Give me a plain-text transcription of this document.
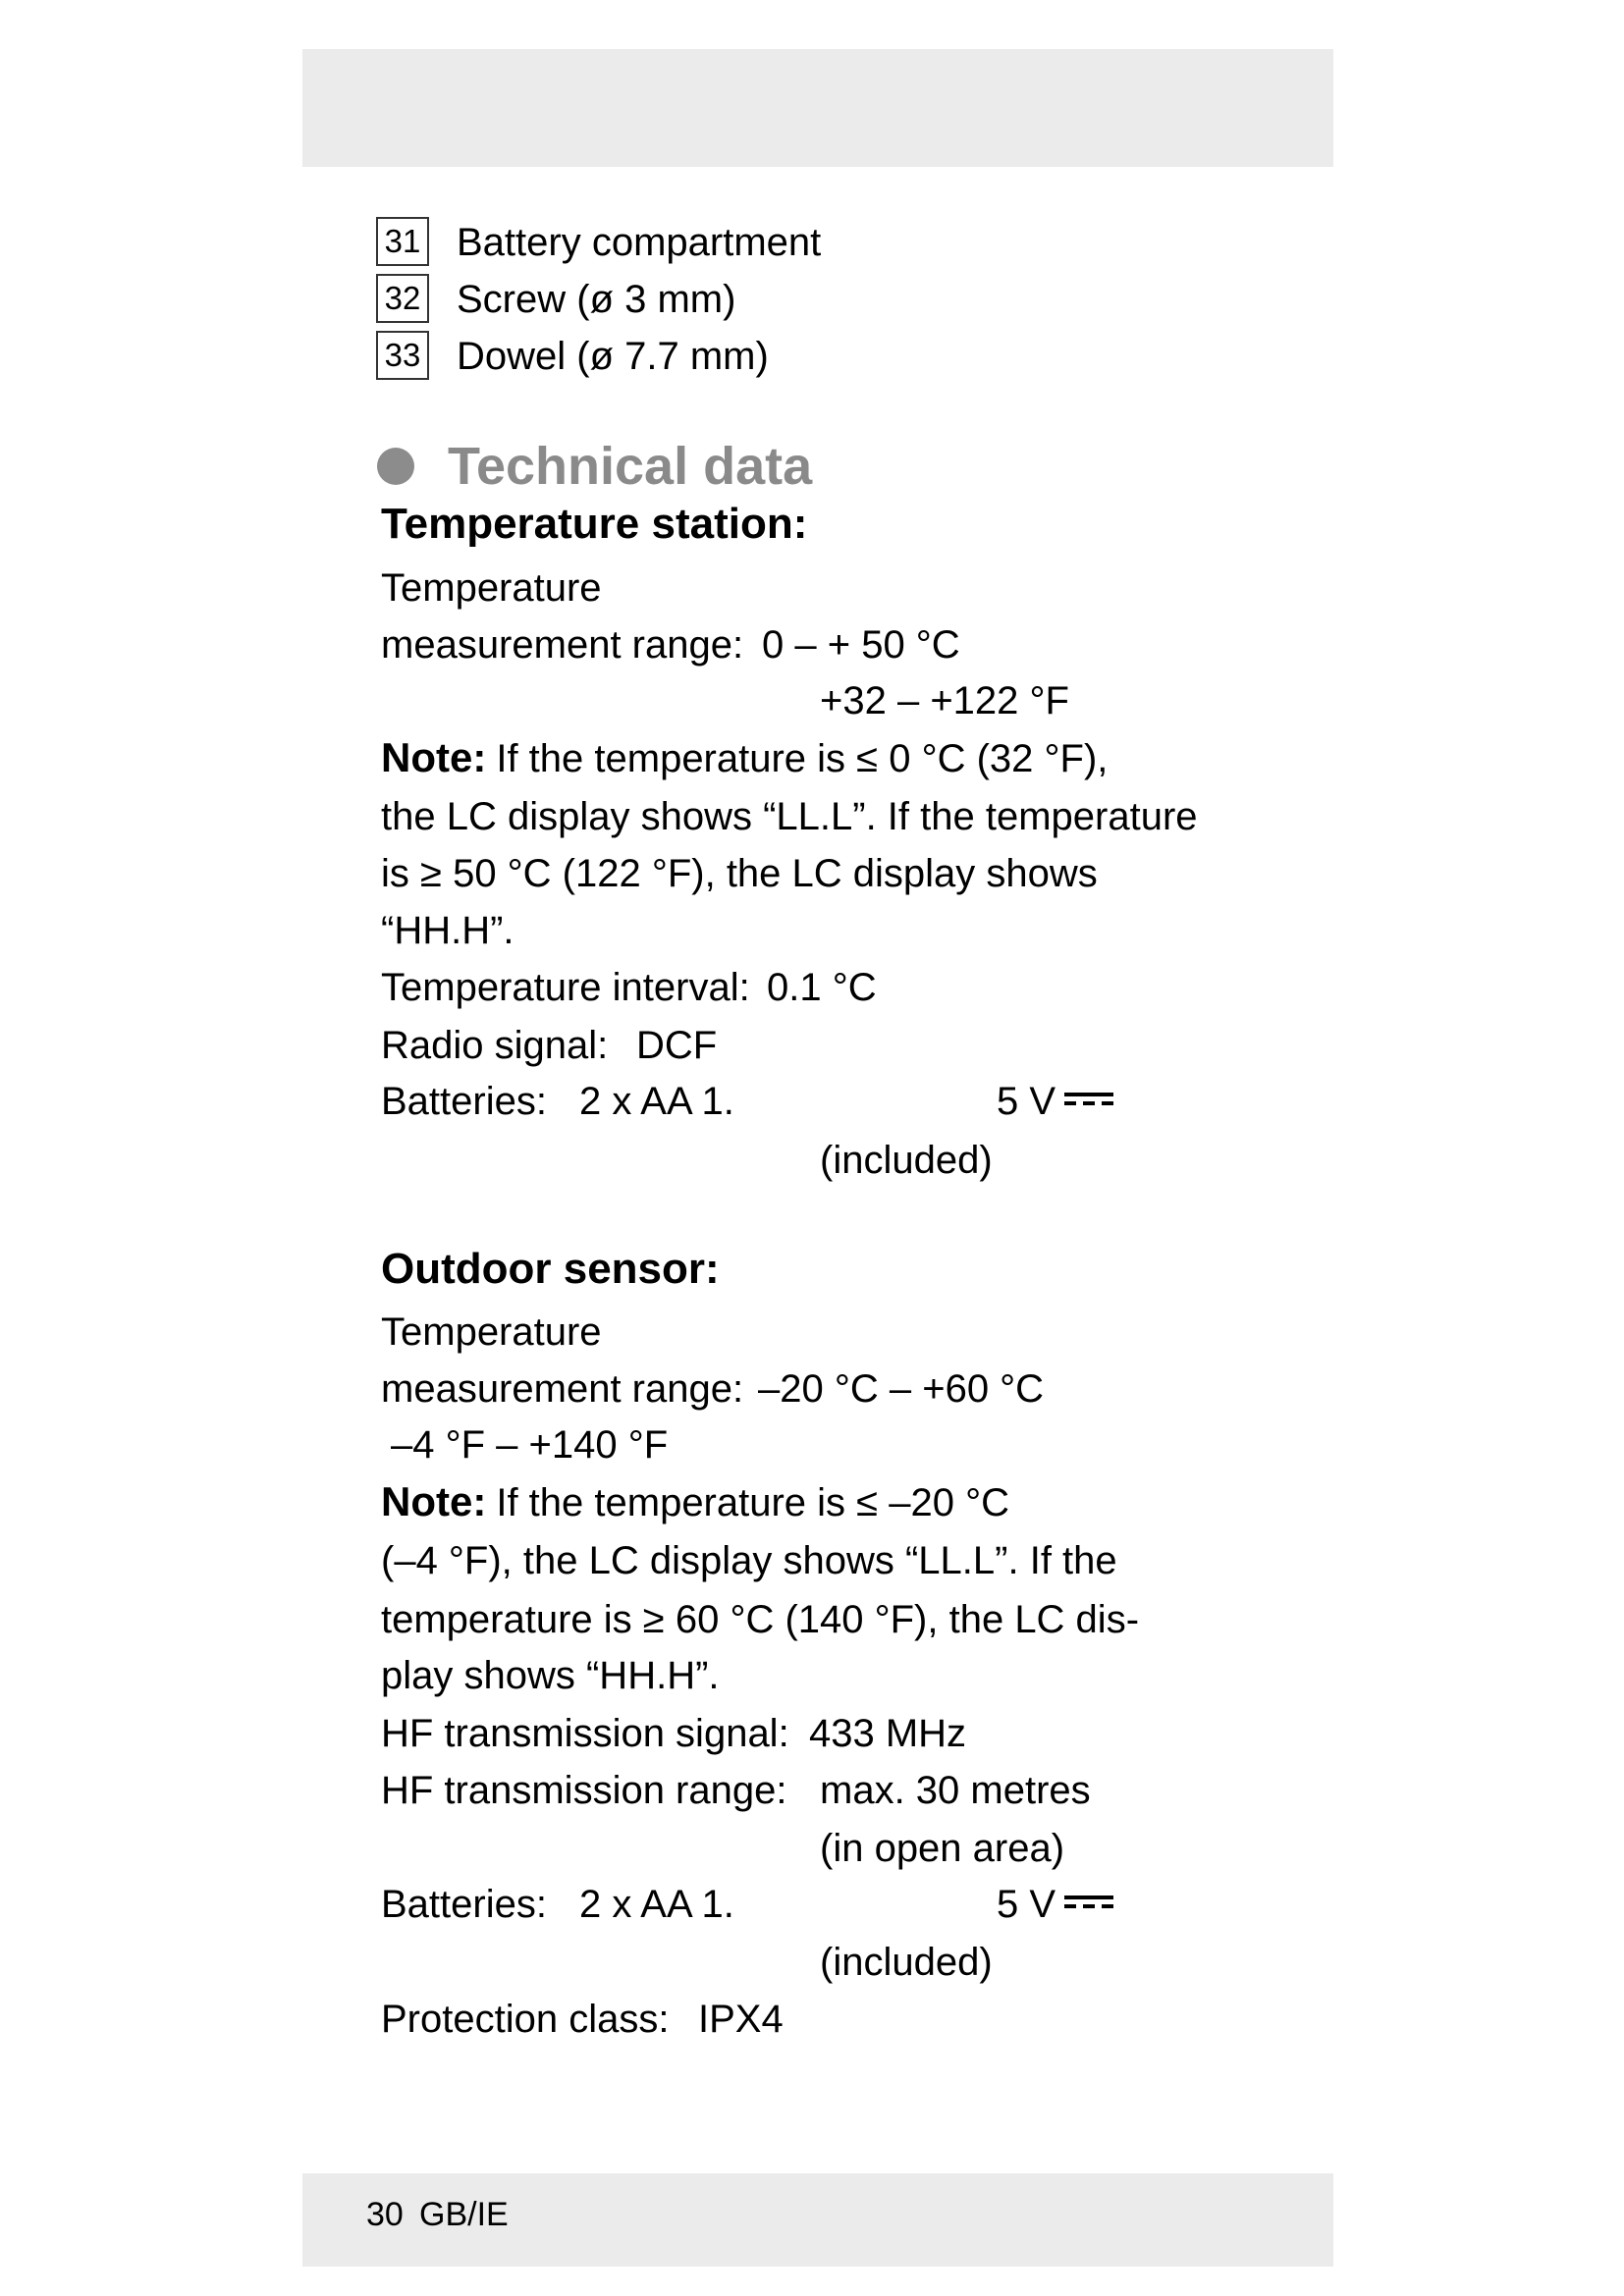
31 Battery compartment
32 Screw (ø 3 mm)
33 Dowel (ø 7.7 mm)
Technical data
Temperature station:
Temperature
measurement range: 0 – + 50 °C
+32 – +122 °F
Note: If the temperature is ≤ 0 °C (32 °F),
the LC display shows “LL.L”. If the temperature
is ≥ 50 °C (122 °F), the LC display shows
“HH.H”.
Temperature interval: 0.1 °C
Radio signal: DCF
Batteries: 2 x AA 1.	5 V
(included)
Outdoor sensor:
Temperature
measurement range: –20 °C – +60 °C
–4 °F – +140 °F
Note: If the temperature is ≤ –20 °C
(–4 °F), the LC display shows “LL.L”. If the
temperature is ≥ 60 °C (140 °F), the LC dis-
play shows “HH.H”.
HF transmission signal: 433 MHz
HF transmission range: max. 30 metres
(in open area)
Batteries: 2 x AA 1.	5 V
(included)
Protection class: IPX4
30 GB/IE
